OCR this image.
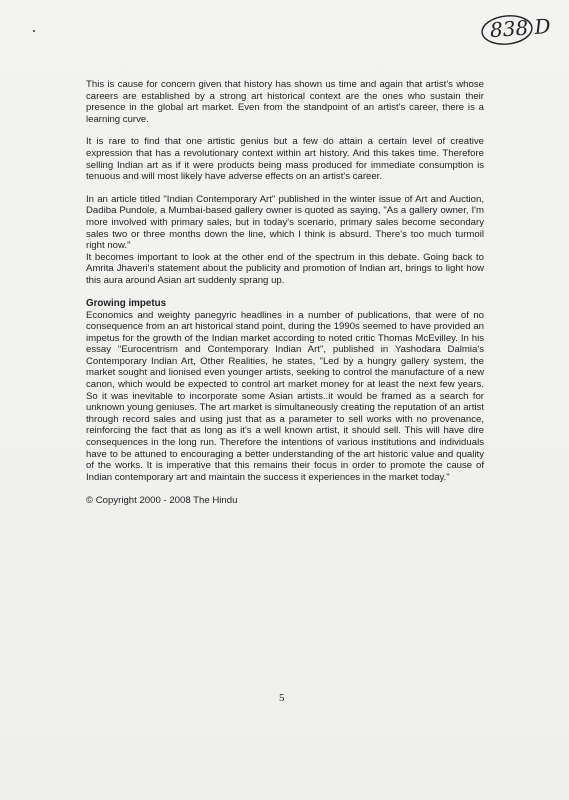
838 D

This is cause for concern given that history has shown us time and again that artist's whose careers are established by a strong art historical context are the ones who sustain their presence in the global art market. Even from the standpoint of an artist's career, there is a learning curve.

It is rare to find that one artistic genius but a few do attain a certain level of creative expression that has a revolutionary context within art history. And this takes time. Therefore selling Indian art as if it were products being mass produced for immediate consumption is tenuous and will most likely have adverse effects on an artist's career.

In an article titled "Indian Contemporary Art" published in the winter issue of Art and Auction, Dadiba Pundole, a Mumbai-based gallery owner is quoted as saying, "As a gallery owner, I'm more involved with primary sales, but in today's scenario, primary sales become secondary sales two or three months down the line, which I think is absurd. There's too much turmoil right now."

It becomes important to look at the other end of the spectrum in this debate. Going back to Amrita Jhaveri's statement about the publicity and promotion of Indian art, brings to light how this aura around Asian art suddenly sprang up.

Growing impetus

Economics and weighty panegyric headlines in a number of publications, that were of no consequence from an art historical stand point, during the 1990s seemed to have provided an impetus for the growth of the Indian market according to noted critic Thomas McEvilley. In his essay "Eurocentrism and Contemporary Indian Art", published in Yashodara Dalmia's Contemporary Indian Art, Other Realities, he states, "Led by a hungry gallery system, the market sought and lionised even younger artists, seeking to control the manufacture of a new canon, which would be expected to control art market money for at least the next few years. So it was inevitable to incorporate some Asian artists..it would be framed as a search for unknown young geniuses. The art market is simultaneously creating the reputation of an artist through record sales and using just that as a parameter to sell works with no provenance, reinforcing the fact that as long as it's a well known artist, it should sell. This will have dire consequences in the long run. Therefore the intentions of various institutions and individuals have to be attuned to encouraging a better understanding of the art historic value and quality of the works. It is imperative that this remains their focus in order to promote the cause of Indian contemporary art and maintain the success it experiences in the market today."

© Copyright 2000 - 2008 The Hindu
5
